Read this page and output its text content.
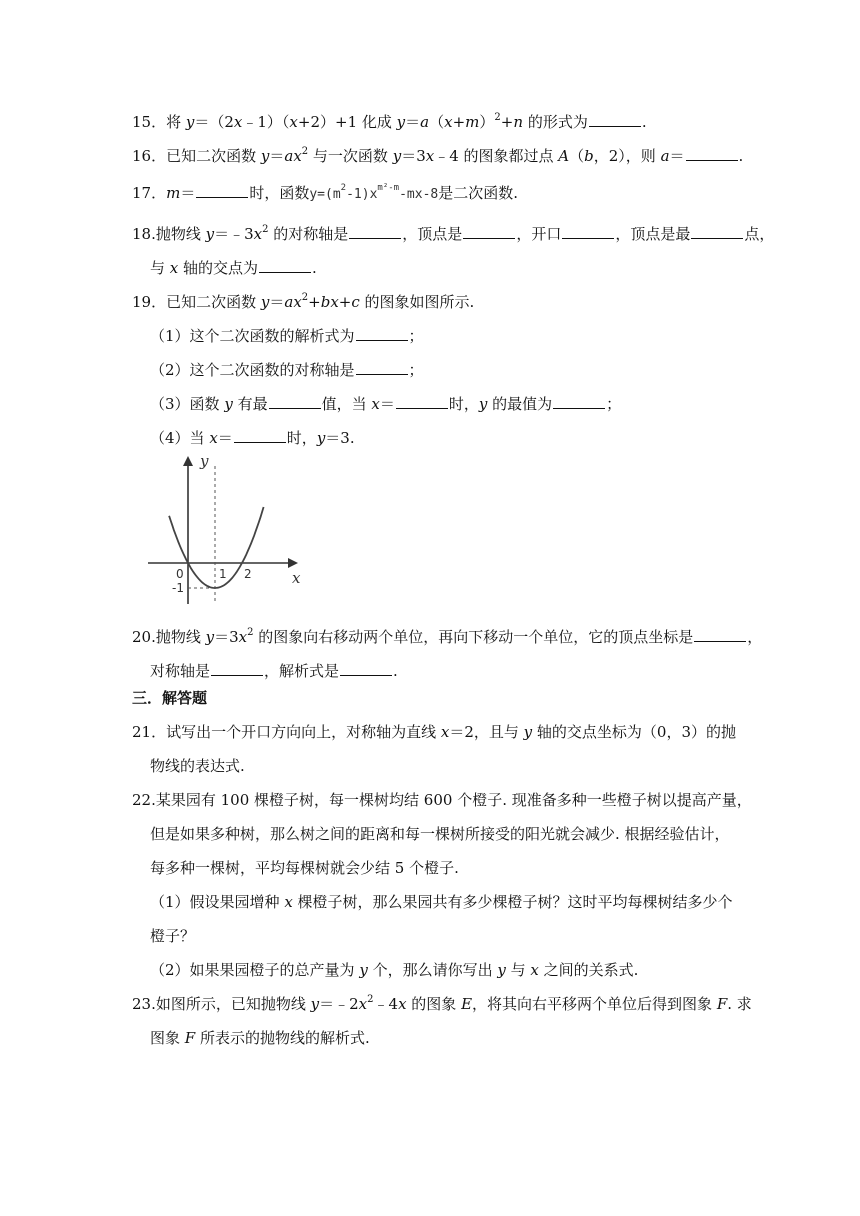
15．将 y＝（2x﹣1）（x+2）+1 化成 $y=a(x+m)^2+n$ 的形式为	.
16．已知二次函数 $y=ax^2$ 与一次函数 y＝3x﹣4 的图象都过点 A（b，2），则 a＝	.
17．m＝	时，函数$y=(m^2-1)x^{m^2-m}-mx-8$是二次函数.
18.抛物线 $y=﹣3x^2$ 的对称轴是	，顶点是	，开口	，顶点是最	点，
与 x 轴的交点为	.
19．已知二次函数 $y=ax^2+bx+c$ 的图象如图所示.
（1）这个二次函数的解析式为	；
（2）这个二次函数的对称轴是	；
（3）函数 y 有最	值，当 x＝	时，y 的最值为	；
（4）当 x＝	时，y＝3.
y
x
0	1 2
-1
20.抛物线 $y=3x^2$ 的图象向右移动两个单位，再向下移动一个单位，它的顶点坐标是	，
对称轴是	，解析式是	.
三．解答题
21．试写出一个开口方向向上，对称轴为直线 x＝2，且与 y 轴的交点坐标为（0，3）的抛
物线的表达式.
22.某果园有 100 棵橙子树，每一棵树均结 600 个橙子. 现准备多种一些橙子树以提高产量，
但是如果多种树，那么树之间的距离和每一棵树所接受的阳光就会减少. 根据经验估计，
每多种一棵树，平均每棵树就会少结 5 个橙子.
（1）假设果园增种 x 棵橙子树，那么果园共有多少棵橙子树？这时平均每棵树结多少个
橙子？
（2）如果果园橙子的总产量为 y 个，那么请你写出 y 与 x 之间的关系式.
23.如图所示，已知抛物线 $y=﹣2x^2﹣4x$ 的图象 E，将其向右平移两个单位后得到图象 F. 求
图象 F 所表示的抛物线的解析式.
